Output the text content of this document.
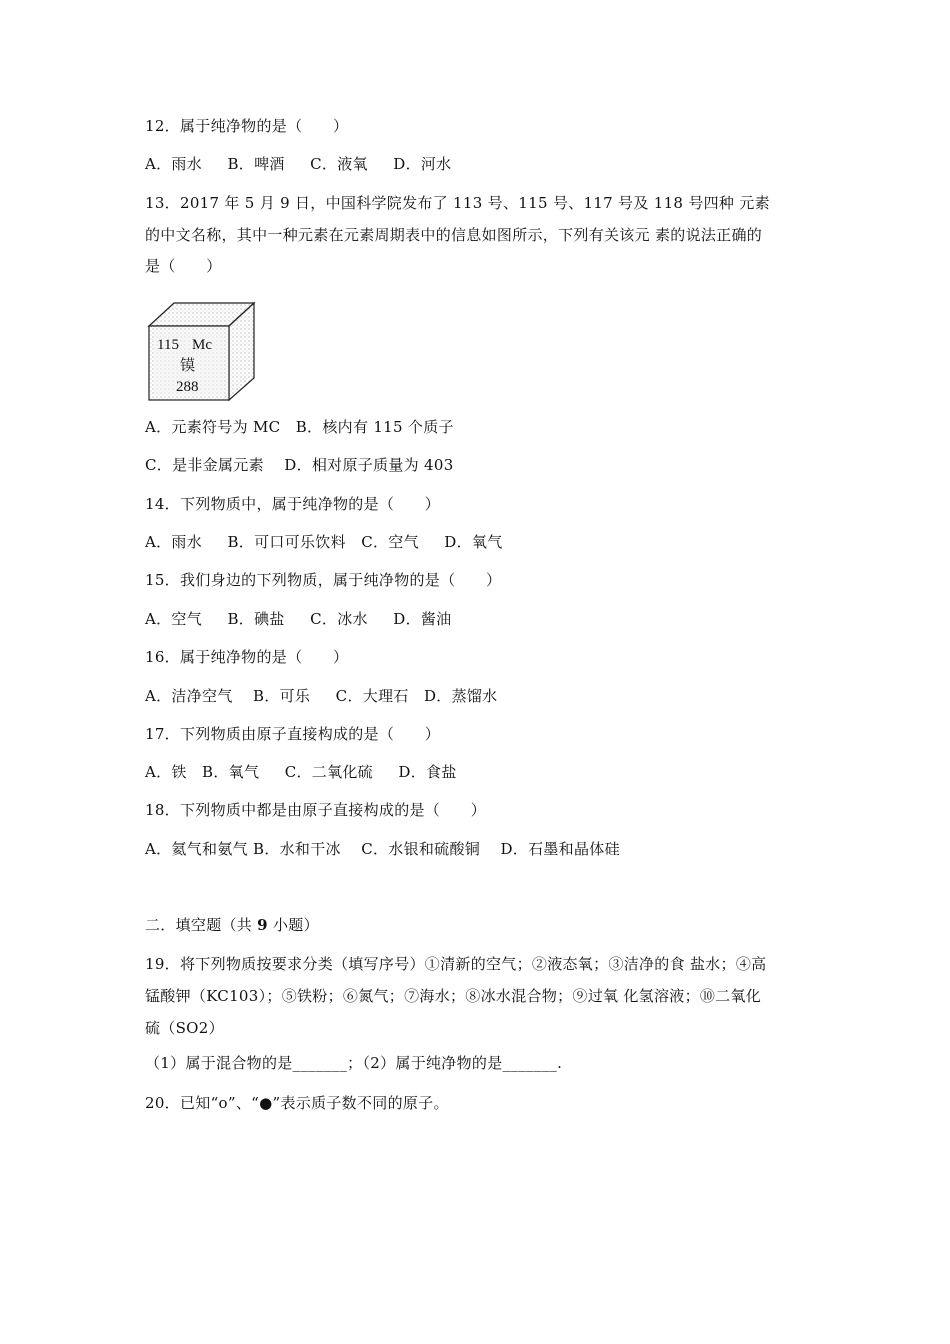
12．属于纯净物的是（　　）
A．雨水　  B．啤酒　  C．液氧　  D．河水
13．2017 年 5 月 9 日，中国科学院发布了 113 号、115 号、117 号及 118 号四种 元素
的中文名称，其中一种元素在元素周期表中的信息如图所示，下列有关该元 素的说法正确的
是（　　）
115 Mc
镆
288
A．元素符号为 MC　B．核内有 115 个质子
C．是非金属元素　 D．相对原子质量为 403
14．下列物质中，属于纯净物的是（　　）
A．雨水　  B．可口可乐饮料　C．空气　  D．氧气
15．我们身边的下列物质，属于纯净物的是（　　）
A．空气　  B．碘盐　  C．冰水　  D．酱油
16．属于纯净物的是（　　）
A．洁净空气　 B．可乐　  C．大理石　D．蒸馏水
17．下列物质由原子直接构成的是（　　）
A．铁　B．氧气　  C．二氧化硫　  D．食盐
18．下列物质中都是由原子直接构成的是（　　）
A．氦气和氨气 B．水和干冰　 C．水银和硫酸铜　 D．石墨和晶体硅
二．填空题（共 9 小题）
19．将下列物质按要求分类（填写序号）①清新的空气；②液态氧；③洁净的食 盐水；④高
锰酸钾（KC103）；⑤铁粉；⑥氮气；⑦海水；⑧冰水混合物；⑨过氧 化氢溶液；⑩二氧化
硫（SO2）
（1）属于混合物的是_______；（2）属于纯净物的是_______.
20．已知“o”、“●”表示质子数不同的原子。
